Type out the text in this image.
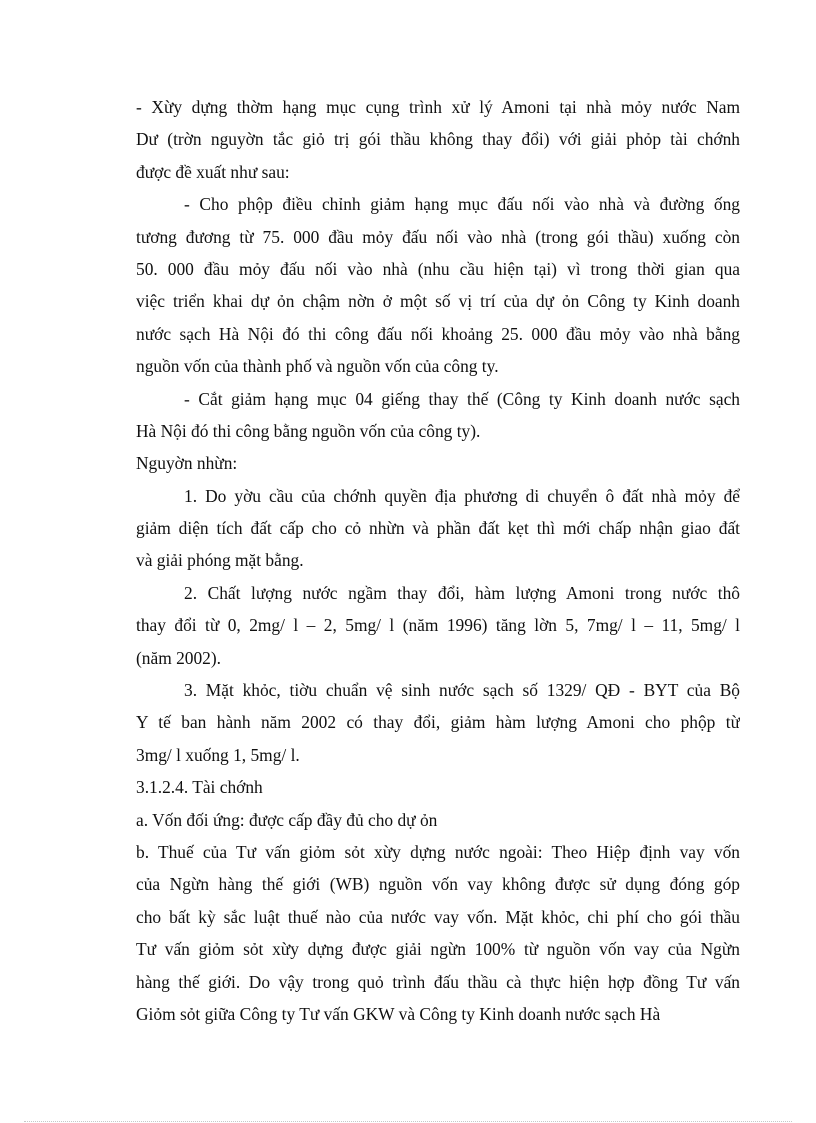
- Xừy dựng thờm hạng mục cụng trình xử lý Amoni tại nhà mỏy nước Nam
Dư (trờn nguyờn tắc giỏ trị gói thầu không thay đổi) với giải phỏp tài chớnh
được đề xuất như sau:
- Cho phộp điều chỉnh giảm hạng mục đấu nối vào nhà và đường ống
tương đương từ 75. 000 đầu mỏy đấu nối vào nhà (trong gói thầu) xuống còn
50. 000 đầu mỏy đấu nối vào nhà (nhu cầu hiện tại) vì trong thời gian qua
việc triển khai dự ỏn chậm nờn ở một số vị trí của dự ỏn Công ty Kinh doanh
nước sạch Hà Nội đó thi công đấu nối khoảng 25. 000 đầu mỏy vào nhà bằng
nguồn vốn của thành phố và nguồn vốn của công ty.
- Cắt giảm hạng mục 04 giếng thay thế (Công ty Kinh doanh nước sạch
Hà Nội đó thi công bằng nguồn vốn của công ty).
Nguyờn nhừn:
1. Do yờu cầu của chớnh quyền địa phương di chuyển ô đất nhà mỏy để
giảm diện tích đất cấp cho cỏ nhừn và phần đất kẹt thì mới chấp nhận giao đất
và giải phóng mặt bằng.
2. Chất lượng nước ngầm thay đổi, hàm lượng Amoni trong nước thô
thay đổi từ 0, 2mg/ l – 2, 5mg/ l (năm 1996) tăng lờn 5, 7mg/ l – 11, 5mg/ l
(năm 2002).
3. Mặt khỏc, tiờu chuẩn vệ sinh nước sạch số 1329/ QĐ - BYT của Bộ
Y tế ban hành năm 2002 có thay đổi, giảm hàm lượng Amoni cho phộp từ
3mg/ l xuống 1, 5mg/ l.
3.1.2.4. Tài chớnh
a. Vốn đối ứng: được cấp đầy đủ cho dự ỏn
b. Thuế của Tư vấn giỏm sỏt xừy dựng nước ngoài: Theo Hiệp định vay vốn
của Ngừn hàng thế giới (WB) nguồn vốn vay không được sử dụng đóng góp
cho bất kỳ sắc luật thuế nào của nước vay vốn. Mặt khỏc, chi phí cho gói thầu
Tư vấn giỏm sỏt xừy dựng được giải ngừn 100% từ nguồn vốn vay của Ngừn
hàng thế giới. Do vậy trong quỏ trình đấu thầu cà thực hiện hợp đồng Tư vấn
Giỏm sỏt giữa Công ty Tư vấn GKW và Công ty Kinh doanh nước sạch Hà
